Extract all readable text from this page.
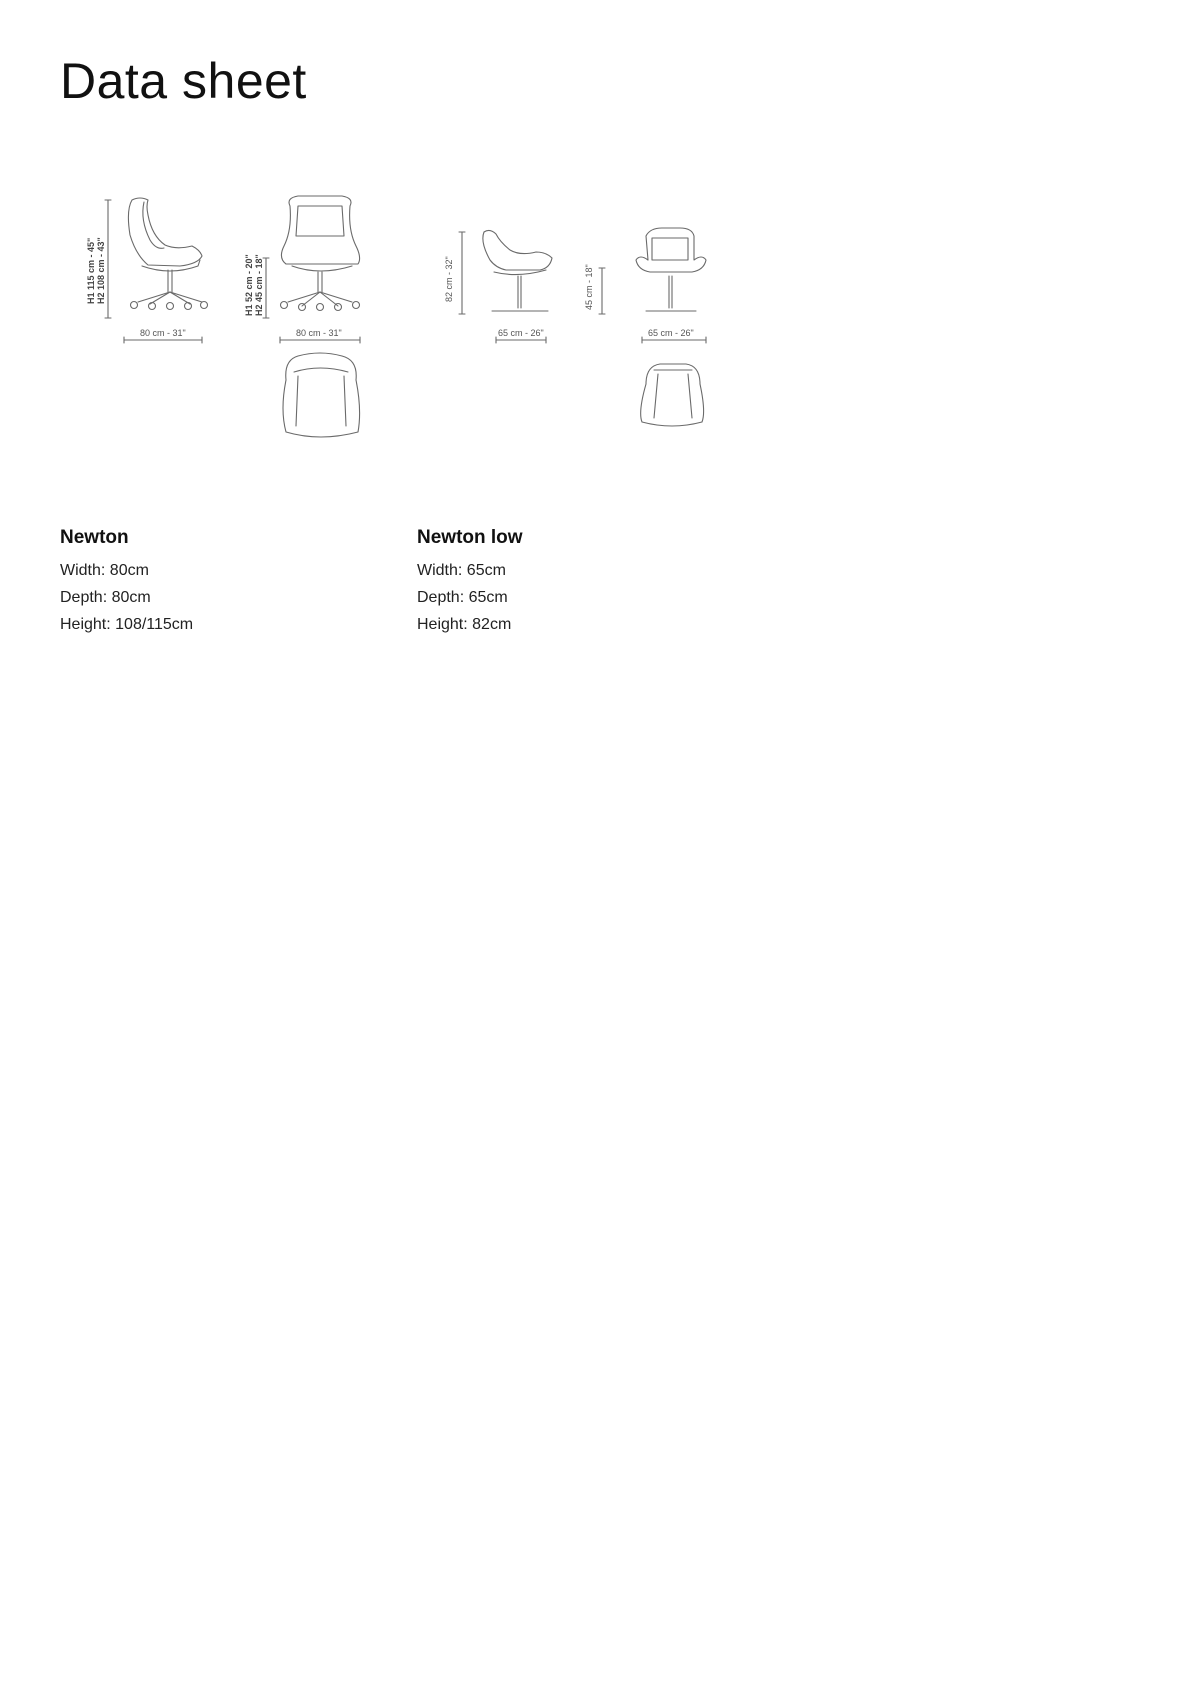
Data sheet
H1 115 cm - 45" H2 108 cm - 43"	H1 52 cm - 20" H2 45 cm - 18"
80 cm - 31"	80 cm - 31"
82 cm - 32"	45 cm - 18"
65 cm - 26"	65 cm - 26"

Newton

Width: 80cm

Depth: 80cm

Height: 108/115cm

Newton low

Width: 65cm

Depth: 65cm

Height: 82cm
